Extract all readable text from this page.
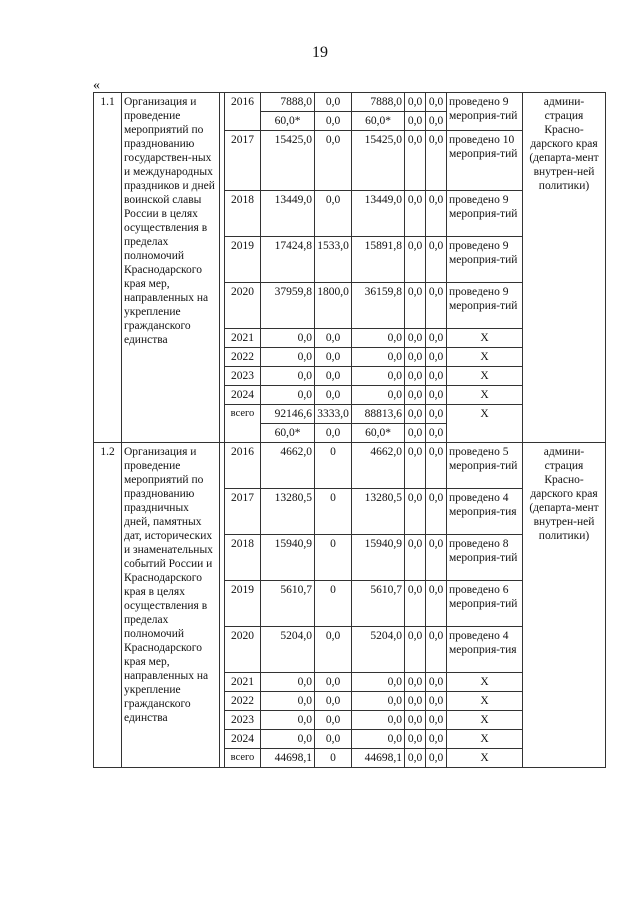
19
«
1.1	Организация и проведение мероприятий по празднованию государствен-ных и международных праздников и дней воинской славы России в целях осуществления в пределах полномочий Краснодарского края мер, направленных на укрепление гражданского единства		2016	7888,0	0,0	7888,0	0,0	0,0	проведено 9 мероприя-тий	админи-страция Красно-дарского края (департа-мент внутрен-ней политики)
				60,0*	0,0	60,0*	0,0	0,0		
			2017	15425,0	0,0	15425,0	0,0	0,0	проведено 10 мероприя-тий	
			2018	13449,0	0,0	13449,0	0,0	0,0	проведено 9 мероприя-тий	
			2019	17424,8	1533,0	15891,8	0,0	0,0	проведено 9 мероприя-тий	
			2020	37959,8	1800,0	36159,8	0,0	0,0	проведено 9 мероприя-тий	
			2021	0,0	0,0	0,0	0,0	0,0	Х	
			2022	0,0	0,0	0,0	0,0	0,0	Х	
			2023	0,0	0,0	0,0	0,0	0,0	Х	
			2024	0,0	0,0	0,0	0,0	0,0	Х	
			всего	92146,6	3333,0	88813,6	0,0	0,0	Х	
				60,0*	0,0	60,0*	0,0	0,0		
1.2	Организация и проведение мероприятий по празднованию праздничных дней, памятных дат, исторических и знаменательных событий России и Краснодарского края в целях осуществления в пределах полномочий Краснодарского края мер, направленных на укрепление гражданского единства		2016	4662,0	0	4662,0	0,0	0,0	проведено 5 мероприя-тий	админи-страция Красно-дарского края (департа-мент внутрен-ней политики)
			2017	13280,5	0	13280,5	0,0	0,0	проведено 4 мероприя-тия	
			2018	15940,9	0	15940,9	0,0	0,0	проведено 8 мероприя-тий	
			2019	5610,7	0	5610,7	0,0	0,0	проведено 6 мероприя-тий	
			2020	5204,0	0,0	5204,0	0,0	0,0	проведено 4 мероприя-тия	
			2021	0,0	0,0	0,0	0,0	0,0	Х	
			2022	0,0	0,0	0,0	0,0	0,0	Х	
			2023	0,0	0,0	0,0	0,0	0,0	Х	
			2024	0,0	0,0	0,0	0,0	0,0	Х	
			всего	44698,1	0	44698,1	0,0	0,0	Х	
